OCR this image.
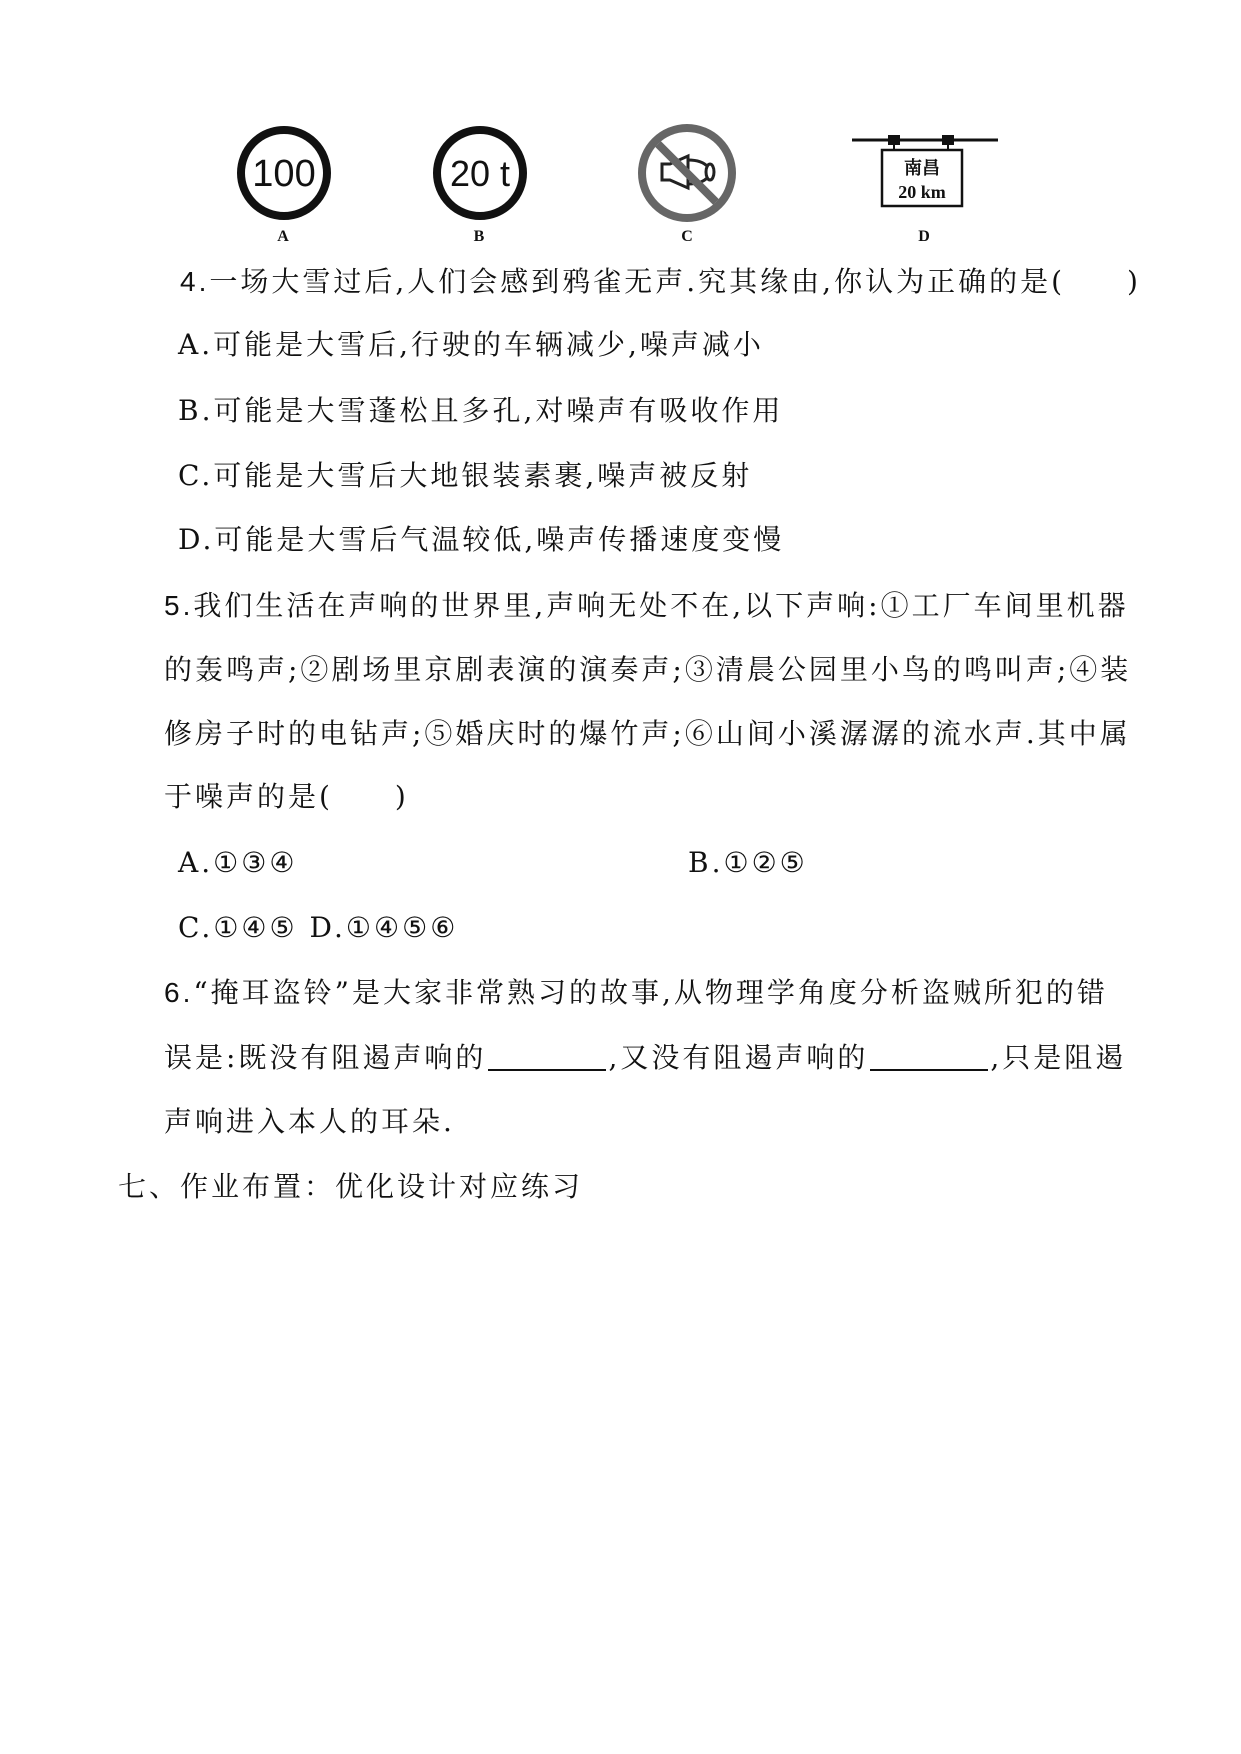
100
A
20 t
B	C
南昌
20 km
D
4.一场大雪过后,人们会感到鸦雀无声.究其缘由,你认为正确的是(　　)
A.可能是大雪后,行驶的车辆减少,噪声减小
B.可能是大雪蓬松且多孔,对噪声有吸收作用
C.可能是大雪后大地银装素裹,噪声被反射
D.可能是大雪后气温较低,噪声传播速度变慢
5.我们生活在声响的世界里,声响无处不在,以下声响:①工厂车间里机器
的轰鸣声;②剧场里京剧表演的演奏声;③清晨公园里小鸟的鸣叫声;④装
修房子时的电钻声;⑤婚庆时的爆竹声;⑥山间小溪潺潺的流水声.其中属
于噪声的是(　　)
A.①③④	B.①②⑤
C.①④⑤ D.①④⑤⑥
6.“掩耳盗铃”是大家非常熟习的故事,从物理学角度分析盗贼所犯的错
误是:既没有阻遏声响的	,又没有阻遏声响的	,只是阻遏
声响进入本人的耳朵.
七、作业布置：优化设计对应练习
